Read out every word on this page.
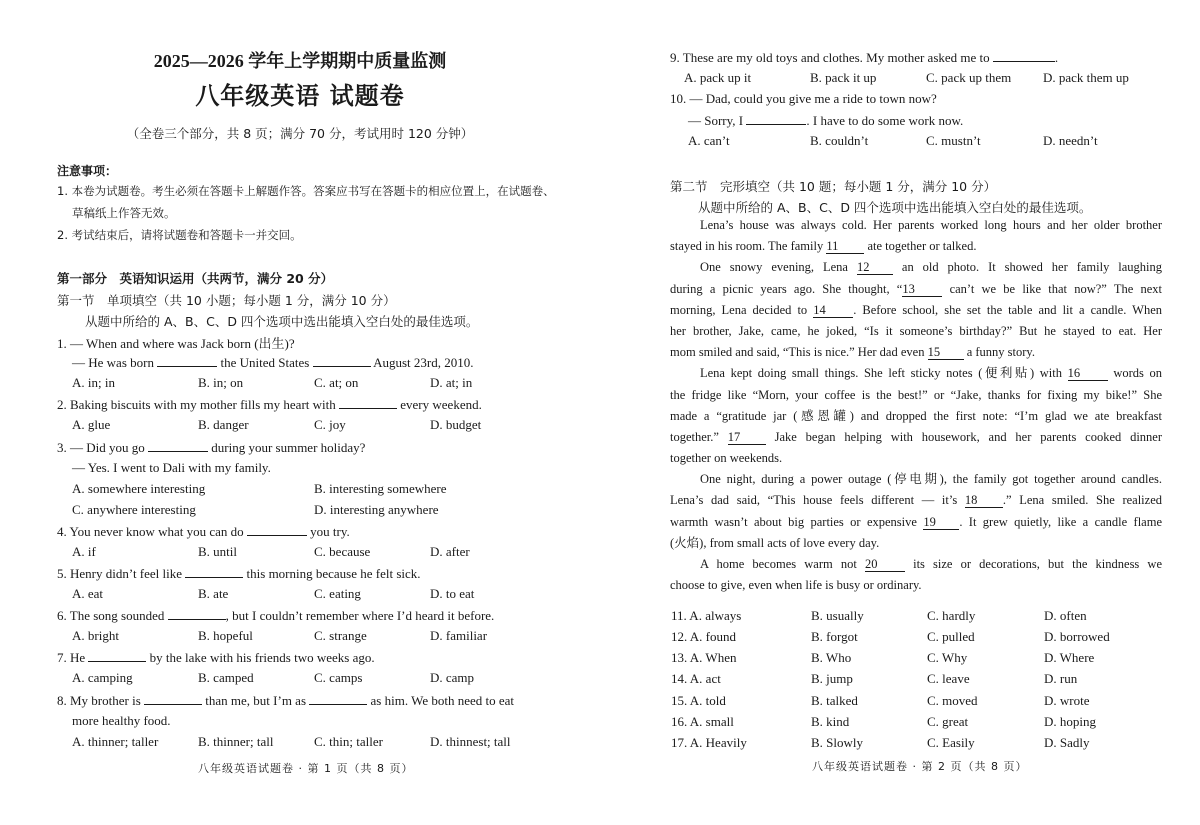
2025—2026 学年上学期期中质量监测
八年级英语 试题卷
（全卷三个部分，共 8 页；满分 70 分，考试用时 120 分钟）
注意事项：
1. 本卷为试题卷。考生必须在答题卡上解题作答。答案应书写在答题卡的相应位置上，在试题卷、
草稿纸上作答无效。
2. 考试结束后，请将试题卷和答题卡一并交回。
第一部分　英语知识运用（共两节，满分 20 分）
第一节　单项填空（共 10 小题；每小题 1 分，满分 10 分）
从题中所给的 A、B、C、D 四个选项中选出能填入空白处的最佳选项。
1. — When and where was Jack born (出生)?
— He was born	the United States	August 23rd, 2010.
A. in; in	B. in; on	C. at; on	D. at; in
2. Baking biscuits with my mother fills my heart with	every weekend.
A. glue	B. danger	C. joy	D. budget
3. — Did you go	during your summer holiday?
— Yes. I went to Dali with my family.
A. somewhere interesting	B. interesting somewhere
C. anywhere interesting	D. interesting anywhere
4. You never know what you can do	you try.
A. if	B. until	C. because	D. after
5. Henry didn’t feel like	this morning because he felt sick.
A. eat	B. ate	C. eating	D. to eat
6. The song sounded	, but I couldn’t remember where I’d heard it before.
A. bright	B. hopeful	C. strange	D. familiar
7. He	by the lake with his friends two weeks ago.
A. camping	B. camped	C. camps	D. camp
8. My brother is	than me, but I’m as	as him. We both need to eat
more healthy food.
A. thinner; taller	B. thinner; tall	C. thin; taller	D. thinnest; tall
八年级英语试题卷 · 第 1 页（共 8 页）
9. These are my old toys and clothes. My mother asked me to	.
A. pack up it	B. pack it up	C. pack up them D. pack them up
10. — Dad, could you give me a ride to town now?
— Sorry, I	. I have to do some work now.
A. can’t	B. couldn’t	C. mustn’t	D. needn’t
第二节　完形填空（共 10 题；每小题 1 分，满分 10 分）
从题中所给的 A、B、C、D 四个选项中选出能填入空白处的最佳选项。
Lena’s house was always cold. Her parents worked long hours and her older brother
stayed in his room. The family 11 ate together or talked.
One snowy evening, Lena 12	an old photo. It showed her family laughing
during a picnic years ago. She thought, “13	can’t we be like that now?” The next
morning, Lena decided to 14 . Before school, she set the table and lit a candle. When
her brother, Jake, came, he joked, “Is it someone’s birthday?” But he stayed to eat. Her
mom smiled and said, “This is nice.” Her dad even 15 a funny story.
Lena kept doing small things. She left sticky notes (便利贴) with 16	words on
the fridge like “Morn, your coffee is the best!” or “Jake, thanks for fixing my bike!” She
made a “gratitude jar (感恩罐) and dropped the first note: “I’m glad we ate breakfast
together.” 17	Jake began helping with housework, and her parents cooked dinner
together on weekends.
One night, during a power outage (停电期), the family got together around candles.
Lena’s dad said, “This house feels different — it’s 18 .” Lena smiled. She realized
warmth wasn’t about big parties or expensive 19 . It grew quietly, like a candle flame
(火焰), from small acts of love every day.
A home becomes warm not 20	its size or decorations, but the kindness we
choose to give, even when life is busy or ordinary.
11. A. always	B. usually	C. hardly	D. often
12. A. found	B. forgot	C. pulled	D. borrowed
13. A. When	B. Who	C. Why	D. Where
14. A. act	B. jump	C. leave	D. run
15. A. told	B. talked	C. moved	D. wrote
16. A. small	B. kind	C. great	D. hoping
17. A. Heavily	B. Slowly	C. Easily	D. Sadly
八年级英语试题卷 · 第 2 页（共 8 页）
